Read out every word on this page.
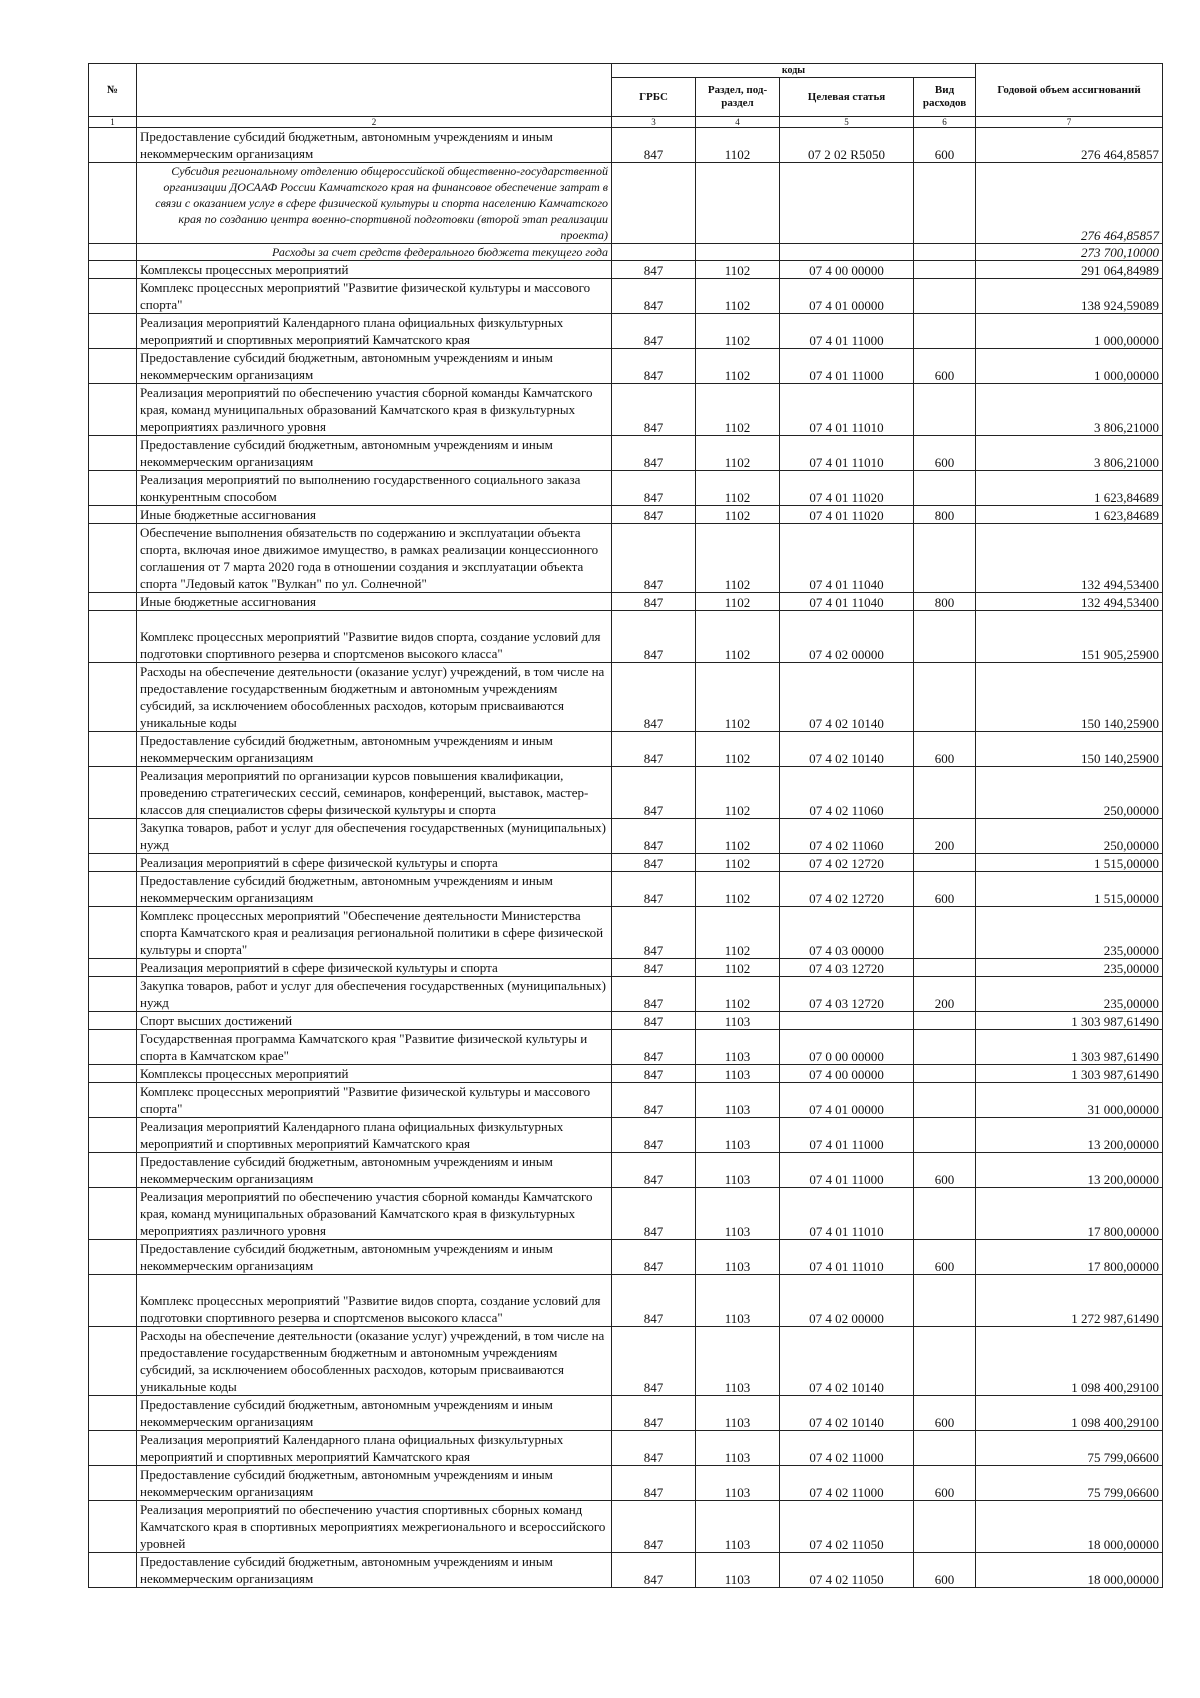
№		коды				Годовой объем ассигнований
		ГРБС	Раздел, под-раздел	Целевая статья	Вид расходов	
1	2	3	4	5	6	7
	Предоставление субсидий бюджетным, автономным учреждениям и иным некоммерческим организациям	847	1102	07 2 02 R5050	600	276 464,85857
	Субсидия региональному отделению общероссийской общественно-государственной организации ДОСААФ России Камчатского края на финансовое обеспечение затрат в связи с оказанием услуг в сфере физической культуры и спорта населению Камчатского края по созданию центра военно-спортивной подготовки (второй этап реализации проекта)					276 464,85857
	Расходы за счет средств федерального бюджета текущего года					273 700,10000
	Комплексы процессных мероприятий	847	1102	07 4 00 00000		291 064,84989
	Комплекс процессных мероприятий "Развитие физической культуры и массового спорта"	847	1102	07 4 01 00000		138 924,59089
	Реализация мероприятий Календарного плана официальных физкультурных мероприятий и спортивных мероприятий Камчатского края	847	1102	07 4 01 11000		1 000,00000
	Предоставление субсидий бюджетным, автономным учреждениям и иным некоммерческим организациям	847	1102	07 4 01 11000	600	1 000,00000
	Реализация мероприятий по обеспечению участия сборной команды Камчатского края, команд муниципальных образований Камчатского края в физкультурных мероприятиях различного уровня	847	1102	07 4 01 11010		3 806,21000
	Предоставление субсидий бюджетным, автономным учреждениям и иным некоммерческим организациям	847	1102	07 4 01 11010	600	3 806,21000
	Реализация мероприятий по выполнению государственного социального заказа конкурентным способом	847	1102	07 4 01 11020		1 623,84689
	Иные бюджетные ассигнования	847	1102	07 4 01 11020	800	1 623,84689
	Обеспечение выполнения обязательств по содержанию и эксплуатации объекта спорта, включая иное движимое имущество, в рамках реализации концессионного соглашения от 7 марта 2020 года в отношении создания и эксплуатации объекта спорта "Ледовый каток "Вулкан" по ул. Солнечной"	847	1102	07 4 01 11040		132 494,53400
	Иные бюджетные ассигнования	847	1102	07 4 01 11040	800	132 494,53400
	Комплекс процессных мероприятий "Развитие видов спорта, создание условий для подготовки спортивного резерва и спортсменов высокого класса"	847	1102	07 4 02 00000		151 905,25900
	Расходы на обеспечение деятельности (оказание услуг) учреждений, в том числе на предоставление государственным бюджетным и автономным учреждениям субсидий, за исключением обособленных расходов, которым присваиваются уникальные коды	847	1102	07 4 02 10140		150 140,25900
	Предоставление субсидий бюджетным, автономным учреждениям и иным некоммерческим организациям	847	1102	07 4 02 10140	600	150 140,25900
	Реализация мероприятий по организации курсов повышения квалификации, проведению стратегических сессий, семинаров, конференций, выставок, мастер-классов для специалистов сферы физической культуры и спорта	847	1102	07 4 02 11060		250,00000
	Закупка товаров, работ и услуг для обеспечения государственных (муниципальных) нужд	847	1102	07 4 02 11060	200	250,00000
	Реализация мероприятий в сфере физической культуры и спорта	847	1102	07 4 02 12720		1 515,00000
	Предоставление субсидий бюджетным, автономным учреждениям и иным некоммерческим организациям	847	1102	07 4 02 12720	600	1 515,00000
	Комплекс процессных мероприятий "Обеспечение деятельности Министерства спорта Камчатского края и реализация региональной политики в сфере физической культуры и спорта"	847	1102	07 4 03 00000		235,00000
	Реализация мероприятий в сфере физической культуры и спорта	847	1102	07 4 03 12720		235,00000
	Закупка товаров, работ и услуг для обеспечения государственных (муниципальных) нужд	847	1102	07 4 03 12720	200	235,00000
	Спорт высших достижений	847	1103			1 303 987,61490
	Государственная программа Камчатского края "Развитие физической культуры и спорта в Камчатском крае"	847	1103	07 0 00 00000		1 303 987,61490
	Комплексы процессных мероприятий	847	1103	07 4 00 00000		1 303 987,61490
	Комплекс процессных мероприятий "Развитие физической культуры и массового спорта"	847	1103	07 4 01 00000		31 000,00000
	Реализация мероприятий Календарного плана официальных физкультурных мероприятий и спортивных мероприятий Камчатского края	847	1103	07 4 01 11000		13 200,00000
	Предоставление субсидий бюджетным, автономным учреждениям и иным некоммерческим организациям	847	1103	07 4 01 11000	600	13 200,00000
	Реализация мероприятий по обеспечению участия сборной команды Камчатского края, команд муниципальных образований Камчатского края в физкультурных мероприятиях различного уровня	847	1103	07 4 01 11010		17 800,00000
	Предоставление субсидий бюджетным, автономным учреждениям и иным некоммерческим организациям	847	1103	07 4 01 11010	600	17 800,00000
	Комплекс процессных мероприятий "Развитие видов спорта, создание условий для подготовки спортивного резерва и спортсменов высокого класса"	847	1103	07 4 02 00000		1 272 987,61490
	Расходы на обеспечение деятельности (оказание услуг) учреждений, в том числе на предоставление государственным бюджетным и автономным учреждениям субсидий, за исключением обособленных расходов, которым присваиваются уникальные коды	847	1103	07 4 02 10140		1 098 400,29100
	Предоставление субсидий бюджетным, автономным учреждениям и иным некоммерческим организациям	847	1103	07 4 02 10140	600	1 098 400,29100
	Реализация мероприятий Календарного плана официальных физкультурных мероприятий и спортивных мероприятий Камчатского края	847	1103	07 4 02 11000		75 799,06600
	Предоставление субсидий бюджетным, автономным учреждениям и иным некоммерческим организациям	847	1103	07 4 02 11000	600	75 799,06600
	Реализация мероприятий по обеспечению участия спортивных сборных команд Камчатского края в спортивных мероприятиях межрегионального и всероссийского уровней	847	1103	07 4 02 11050		18 000,00000
	Предоставление субсидий бюджетным, автономным учреждениям и иным некоммерческим организациям	847	1103	07 4 02 11050	600	18 000,00000
